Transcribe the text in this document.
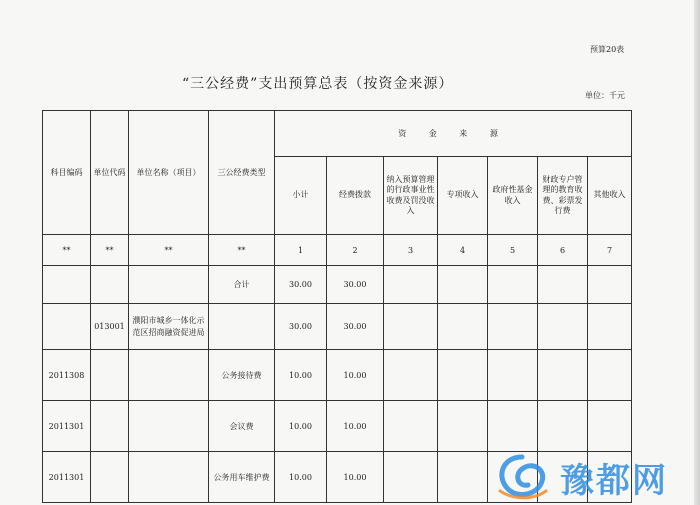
预算20表
“三公经费”支出预算总表（按资金来源）
单位：千元
科目编码	单位代码	单位名称（项目）	三公经费类型	资 金 来 源						
				小计	经费拨款	纳入预算管理的行政事业性收费及罚没收入	专项收入	政府性基金收入	财政专户管理的教育收费、彩票发行费	其他收入
**	**	**	**	1	2	3	4	5	6	7
			合计	30.00	30.00					
	013001	濮阳市城乡一体化示范区招商融资促进局		30.00	30.00					
2011308			公务接待费	10.00	10.00					
2011301			会议费	10.00	10.00					
2011301			公务用车维护费	10.00	10.00						豫都网
